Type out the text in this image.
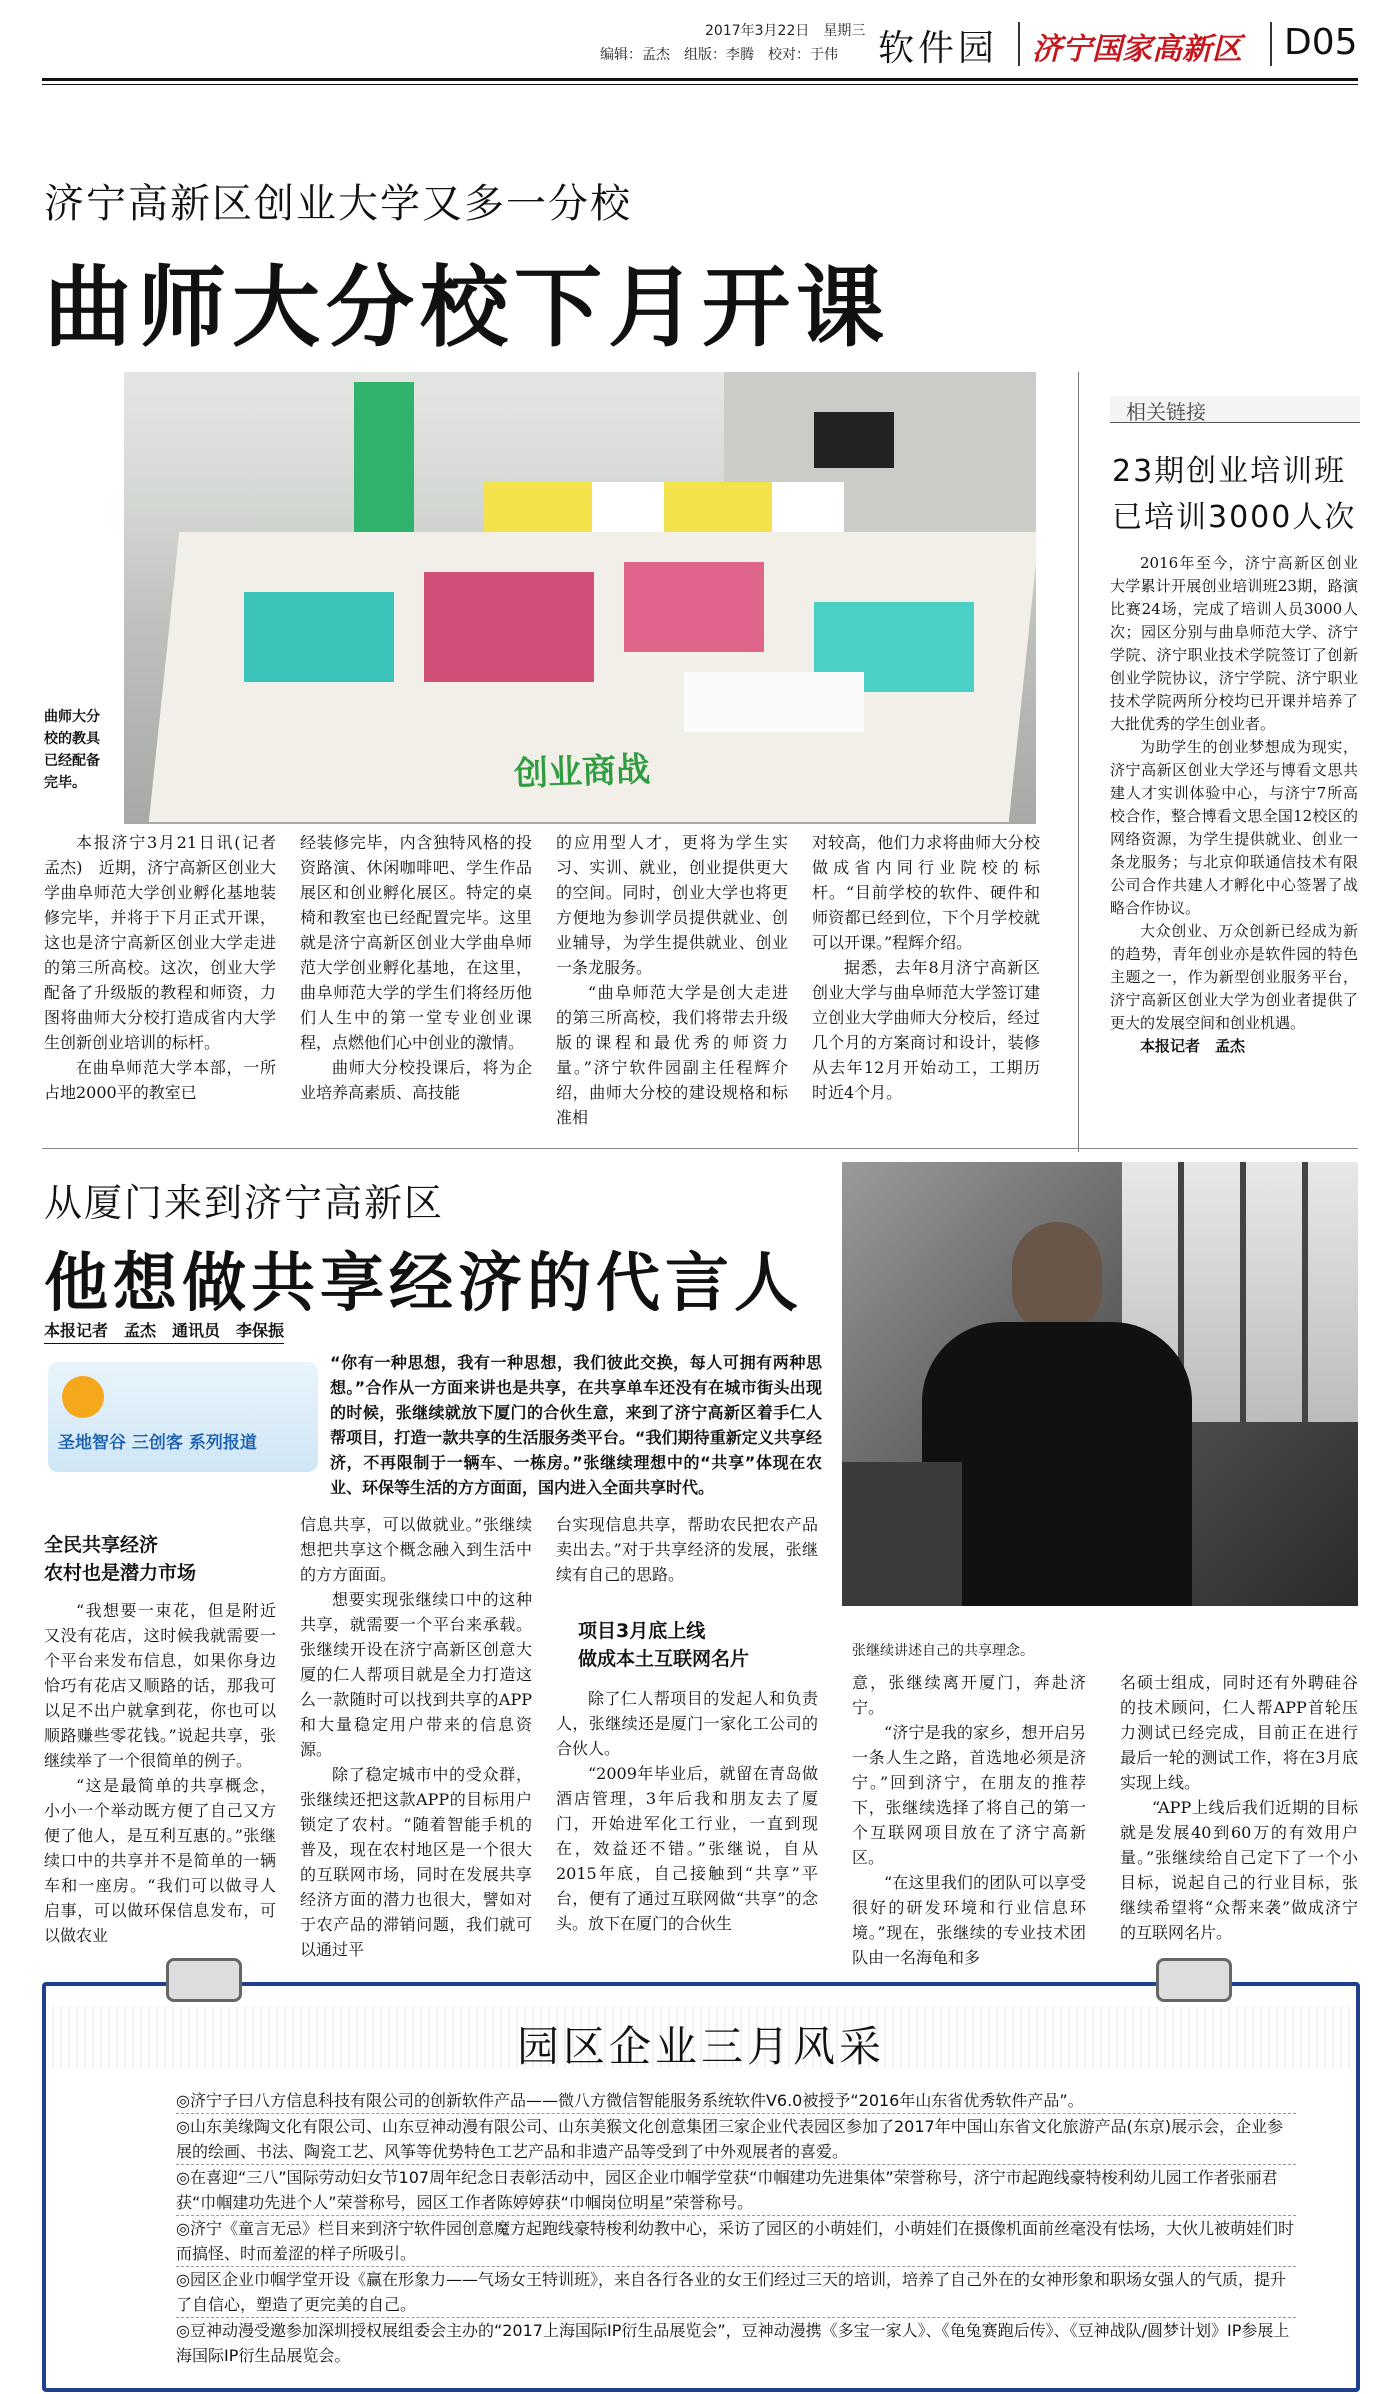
2017年3月22日　星期三
编辑：孟杰　组版：李腾　校对：于伟 软件园 济宁国家高新区 D05
济宁高新区创业大学又多一分校
曲师大分校下月开课
创业商战
曲师大分校的教具已经配备完毕。

本报济宁3月21日讯(记者　孟杰)　近期，济宁高新区创业大学曲阜师范大学创业孵化基地装修完毕，并将于下月正式开课，这也是济宁高新区创业大学走进的第三所高校。这次，创业大学配备了升级版的教程和师资，力图将曲师大分校打造成省内大学生创新创业培训的标杆。

在曲阜师范大学本部，一所占地2000平的教室已

经装修完毕，内含独特风格的投资路演、休闲咖啡吧、学生作品展区和创业孵化展区。特定的桌椅和教室也已经配置完毕。这里就是济宁高新区创业大学曲阜师范大学创业孵化基地，在这里，曲阜师范大学的学生们将经历他们人生中的第一堂专业创业课程，点燃他们心中创业的激情。

曲师大分校投课后，将为企业培养高素质、高技能

的应用型人才，更将为学生实习、实训、就业，创业提供更大的空间。同时，创业大学也将更方便地为参训学员提供就业、创业辅导，为学生提供就业、创业一条龙服务。

“曲阜师范大学是创大走进的第三所高校，我们将带去升级版的课程和最优秀的师资力量。”济宁软件园副主任程辉介绍，曲师大分校的建设规格和标准相

对较高，他们力求将曲师大分校做成省内同行业院校的标杆。“目前学校的软件、硬件和师资都已经到位，下个月学校就可以开课。”程辉介绍。

据悉，去年8月济宁高新区创业大学与曲阜师范大学签订建立创业大学曲师大分校后，经过几个月的方案商讨和设计，装修从去年12月开始动工，工期历时近4个月。

相关链接
23期创业培训班
已培训3000人次

2016年至今，济宁高新区创业大学累计开展创业培训班23期，路演比赛24场，完成了培训人员3000人次；园区分别与曲阜师范大学、济宁学院、济宁职业技术学院签订了创新创业学院协议，济宁学院、济宁职业技术学院两所分校均已开课并培养了大批优秀的学生创业者。

为助学生的创业梦想成为现实，济宁高新区创业大学还与博看文思共建人才实训体验中心，与济宁7所高校合作，整合博看文思全国12校区的网络资源，为学生提供就业、创业一条龙服务；与北京仰联通信技术有限公司合作共建人才孵化中心签署了战略合作协议。

大众创业、万众创新已经成为新的趋势，青年创业亦是软件园的特色主题之一，作为新型创业服务平台，济宁高新区创业大学为创业者提供了更大的发展空间和创业机遇。

本报记者　孟杰

从厦门来到济宁高新区
他想做共享经济的代言人
本报记者　孟杰　通讯员　李保振
张继续讲述自己的共享理念。
圣地智谷 三创客 系列报道
“你有一种思想，我有一种思想，我们彼此交换，每人可拥有两种思想。”合作从一方面来讲也是共享，在共享单车还没有在城市街头出现的时候，张继续就放下厦门的合伙生意，来到了济宁高新区着手仁人帮项目，打造一款共享的生活服务类平台。“我们期待重新定义共享经济，不再限制于一辆车、一栋房。”张继续理想中的“共享”体现在农业、环保等生活的方方面面，国内进入全面共享时代。
全民共享经济
农村也是潜力市场

“我想要一束花，但是附近又没有花店，这时候我就需要一个平台来发布信息，如果你身边恰巧有花店又顺路的话，那我可以足不出户就拿到花，你也可以顺路赚些零花钱。”说起共享，张继续举了一个很简单的例子。

“这是最简单的共享概念，小小一个举动既方便了自己又方便了他人，是互利互惠的。”张继续口中的共享并不是简单的一辆车和一座房。“我们可以做寻人启事，可以做环保信息发布，可以做农业

信息共享，可以做就业。”张继续想把共享这个概念融入到生活中的方方面面。

想要实现张继续口中的这种共享，就需要一个平台来承载。张继续开设在济宁高新区创意大厦的仁人帮项目就是全力打造这么一款随时可以找到共享的APP和大量稳定用户带来的信息资源。

除了稳定城市中的受众群，张继续还把这款APP的目标用户锁定了农村。“随着智能手机的普及，现在农村地区是一个很大的互联网市场，同时在发展共享经济方面的潜力也很大，譬如对于农产品的滞销问题，我们就可以通过平

台实现信息共享，帮助农民把农产品卖出去。”对于共享经济的发展，张继续有自己的思路。

项目3月底上线
做成本土互联网名片

除了仁人帮项目的发起人和负责人，张继续还是厦门一家化工公司的合伙人。

“2009年毕业后，就留在青岛做酒店管理，3年后我和朋友去了厦门，开始进军化工行业，一直到现在，效益还不错。”张继说，自从2015年底，自己接触到“共享”平台，便有了通过互联网做“共享”的念头。放下在厦门的合伙生

意，张继续离开厦门，奔赴济宁。

“济宁是我的家乡，想开启另一条人生之路，首选地必须是济宁。”回到济宁，在朋友的推荐下，张继续选择了将自己的第一个互联网项目放在了济宁高新区。

“在这里我们的团队可以享受很好的研发环境和行业信息环境。”现在，张继续的专业技术团队由一名海龟和多

名硕士组成，同时还有外聘硅谷的技术顾问，仁人帮APP首轮压力测试已经完成，目前正在进行最后一轮的测试工作，将在3月底实现上线。

“APP上线后我们近期的目标就是发展40到60万的有效用户量。”张继续给自己定下了一个小目标，说起自己的行业目标，张继续希望将“众帮来袭”做成济宁的互联网名片。

园区企业三月风采
◎济宁子曰八方信息科技有限公司的创新软件产品——微八方微信智能服务系统软件V6.0被授予“2016年山东省优秀软件产品”。
◎山东美缘陶文化有限公司、山东豆神动漫有限公司、山东美猴文化创意集团三家企业代表园区参加了2017年中国山东省文化旅游产品(东京)展示会，企业参展的绘画、书法、陶瓷工艺、风筝等优势特色工艺产品和非遗产品等受到了中外观展者的喜爱。
◎在喜迎“三八”国际劳动妇女节107周年纪念日表彰活动中，园区企业巾帼学堂获“巾帼建功先进集体”荣誉称号，济宁市起跑线豪特梭利幼儿园工作者张丽君获“巾帼建功先进个人”荣誉称号，园区工作者陈婷婷获“巾帼岗位明星”荣誉称号。
◎济宁《童言无忌》栏目来到济宁软件园创意魔方起跑线豪特梭利幼教中心，采访了园区的小萌娃们，小萌娃们在摄像机面前丝毫没有怯场，大伙儿被萌娃们时而搞怪、时而羞涩的样子所吸引。
◎园区企业巾帼学堂开设《赢在形象力——气场女王特训班》，来自各行各业的女王们经过三天的培训，培养了自己外在的女神形象和职场女强人的气质，提升了自信心，塑造了更完美的自己。
◎豆神动漫受邀参加深圳授权展组委会主办的“2017上海国际IP衍生品展览会”，豆神动漫携《多宝一家人》、《龟兔赛跑后传》、《豆神战队/圆梦计划》IP参展上海国际IP衍生品展览会。
